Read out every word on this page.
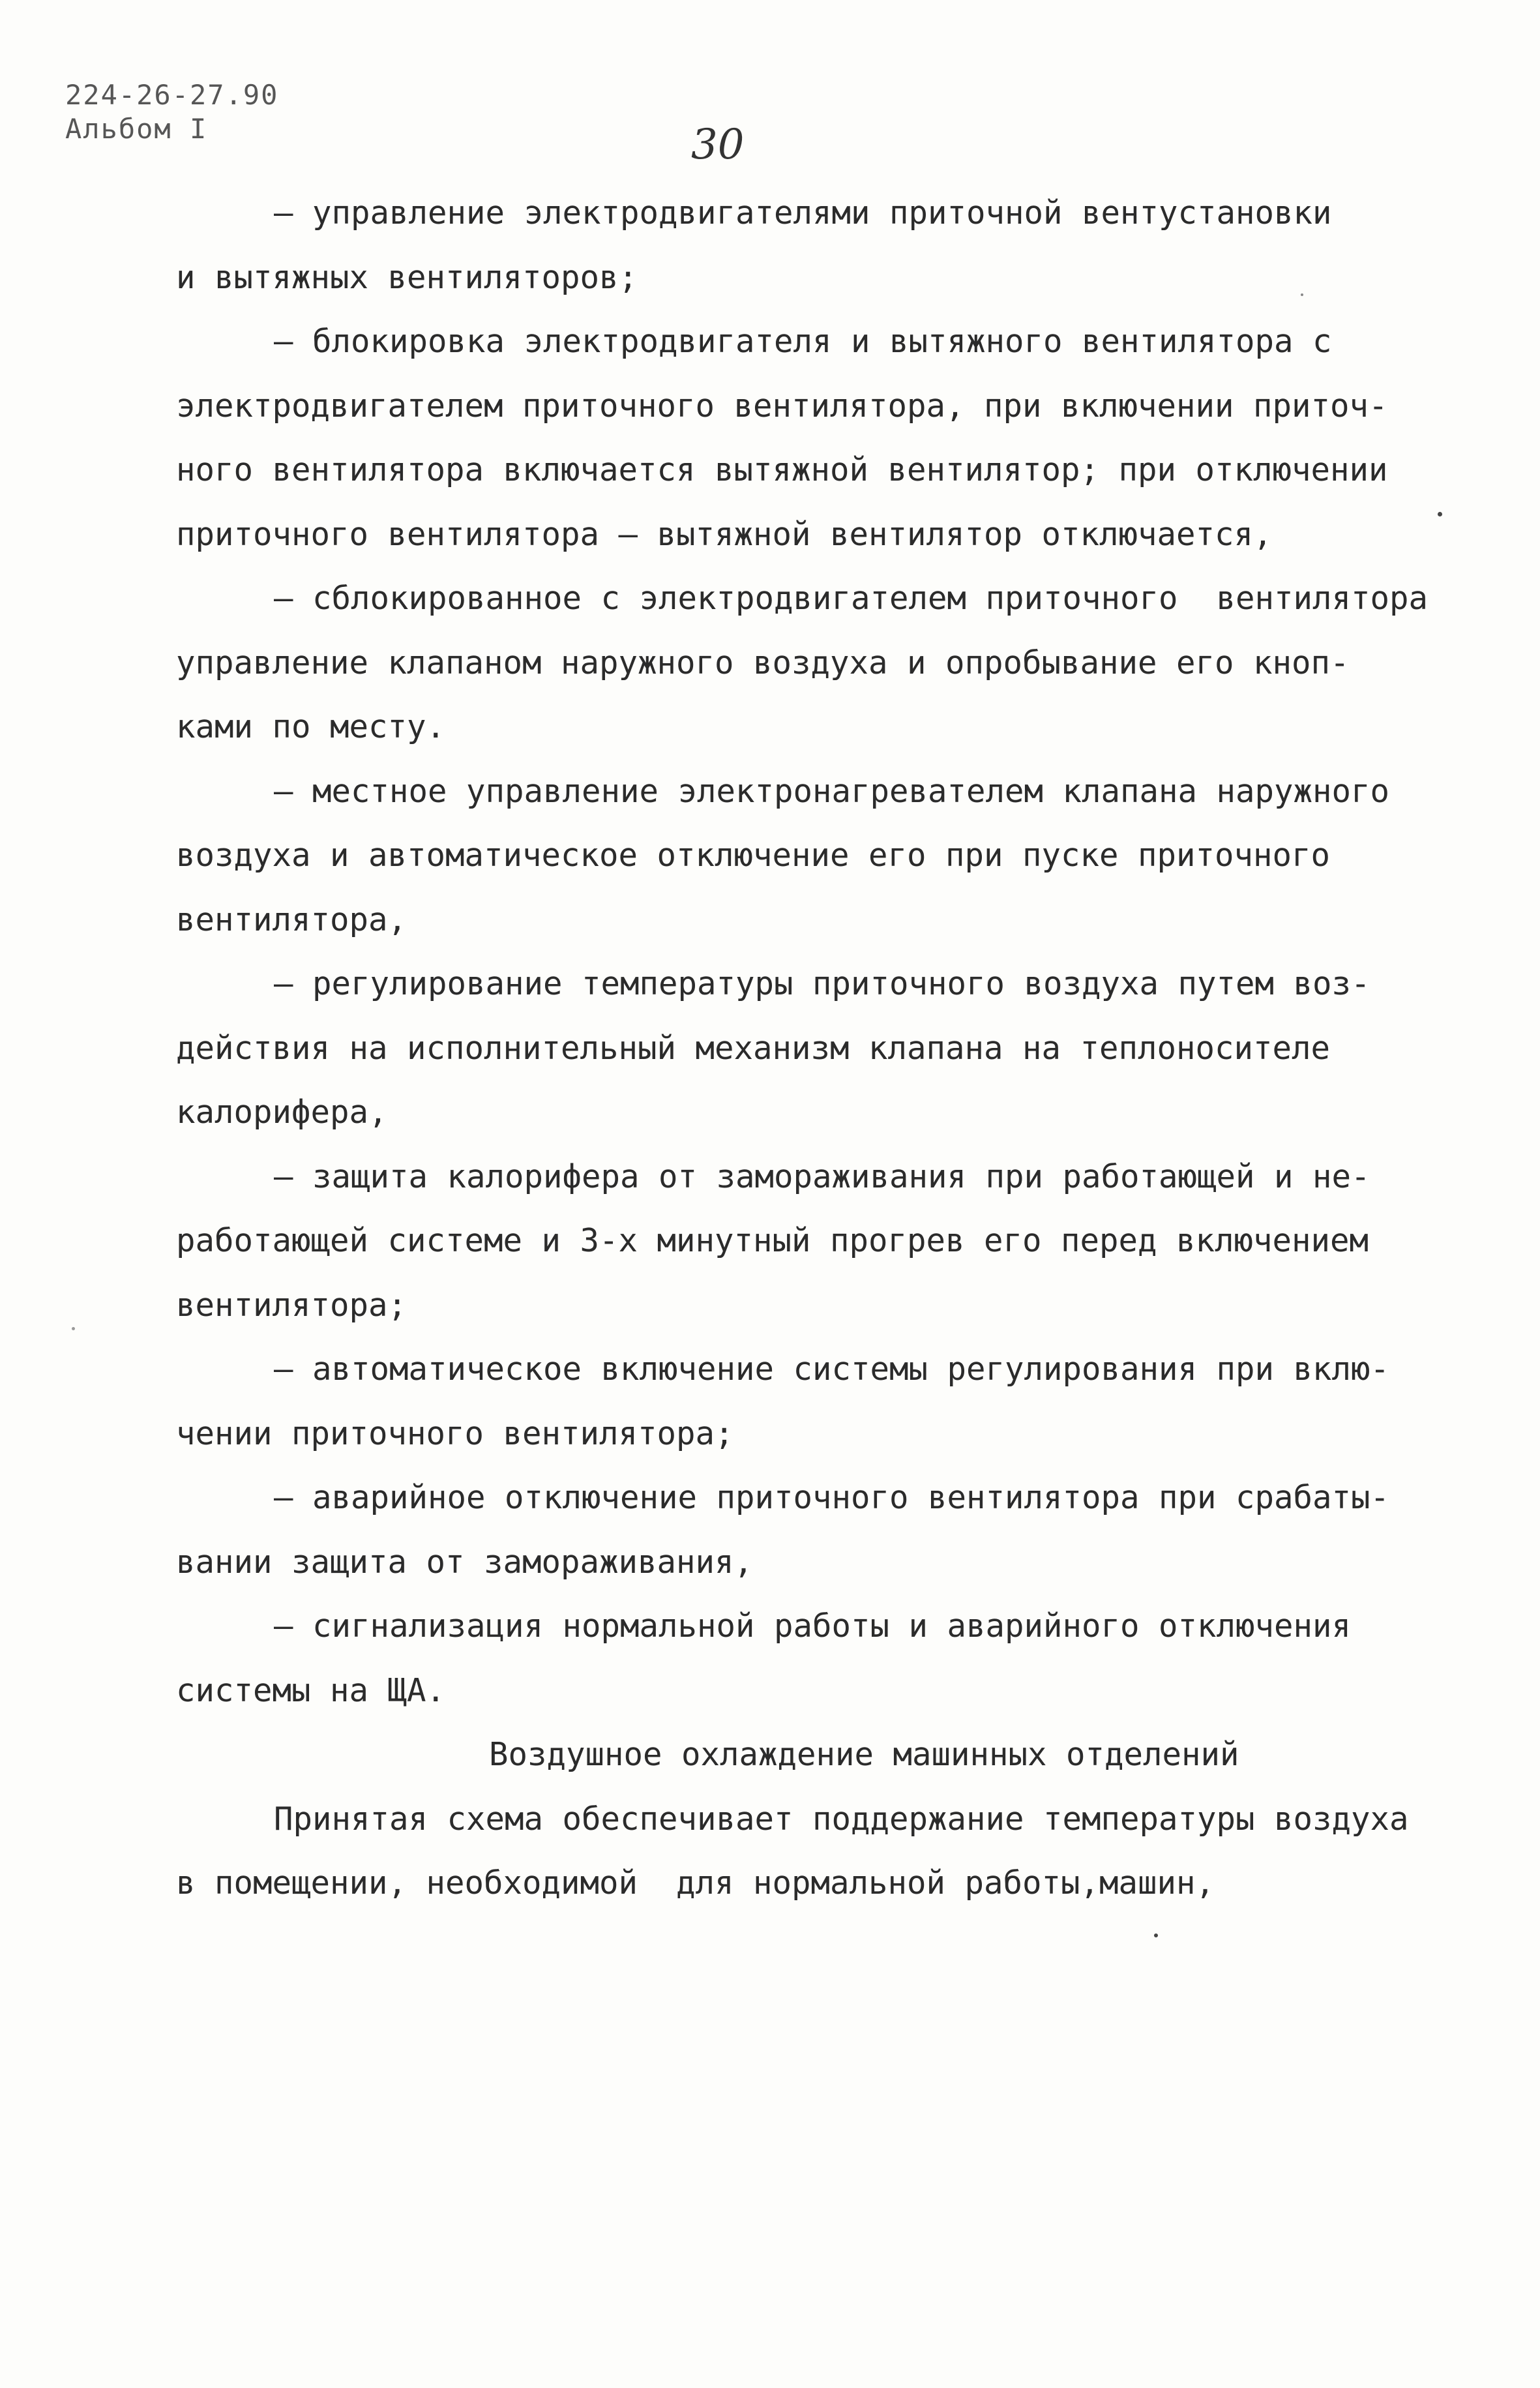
224-26-27.90
Альбом I	30
– управление электродвигателями приточной вентустановки
и вытяжных вентиляторов;
– блокировка электродвигателя и вытяжного вентилятора с
электродвигателем приточного вентилятора, при включении приточ-
ного вентилятора включается вытяжной вентилятор; при отключении
приточного вентилятора – вытяжной вентилятор отключается,
– сблокированное с электродвигателем приточного  вентилятора
управление клапаном наружного воздуха и опробывание его кноп-
ками по месту.
– местное управление электронагревателем клапана наружного
воздуха и автоматическое отключение его при пуске приточного
вентилятора,
– регулирование температуры приточного воздуха путем воз-
действия на исполнительный механизм клапана на теплоносителе
калорифера,
– защита калорифера от замораживания при работающей и не-
работающей системе и 3-х минутный прогрев его перед включением
вентилятора;
– автоматическое включение системы регулирования при вклю-
чении приточного вентилятора;
– аварийное отключение приточного вентилятора при срабаты-
вании защита от замораживания,
– сигнализация нормальной работы и аварийного отключения
системы на ЩА.
Воздушное охлаждение машинных отделений
Принятая схема обеспечивает поддержание температуры воздуха
в помещении, необходимой  для нормальной работы,машин,
